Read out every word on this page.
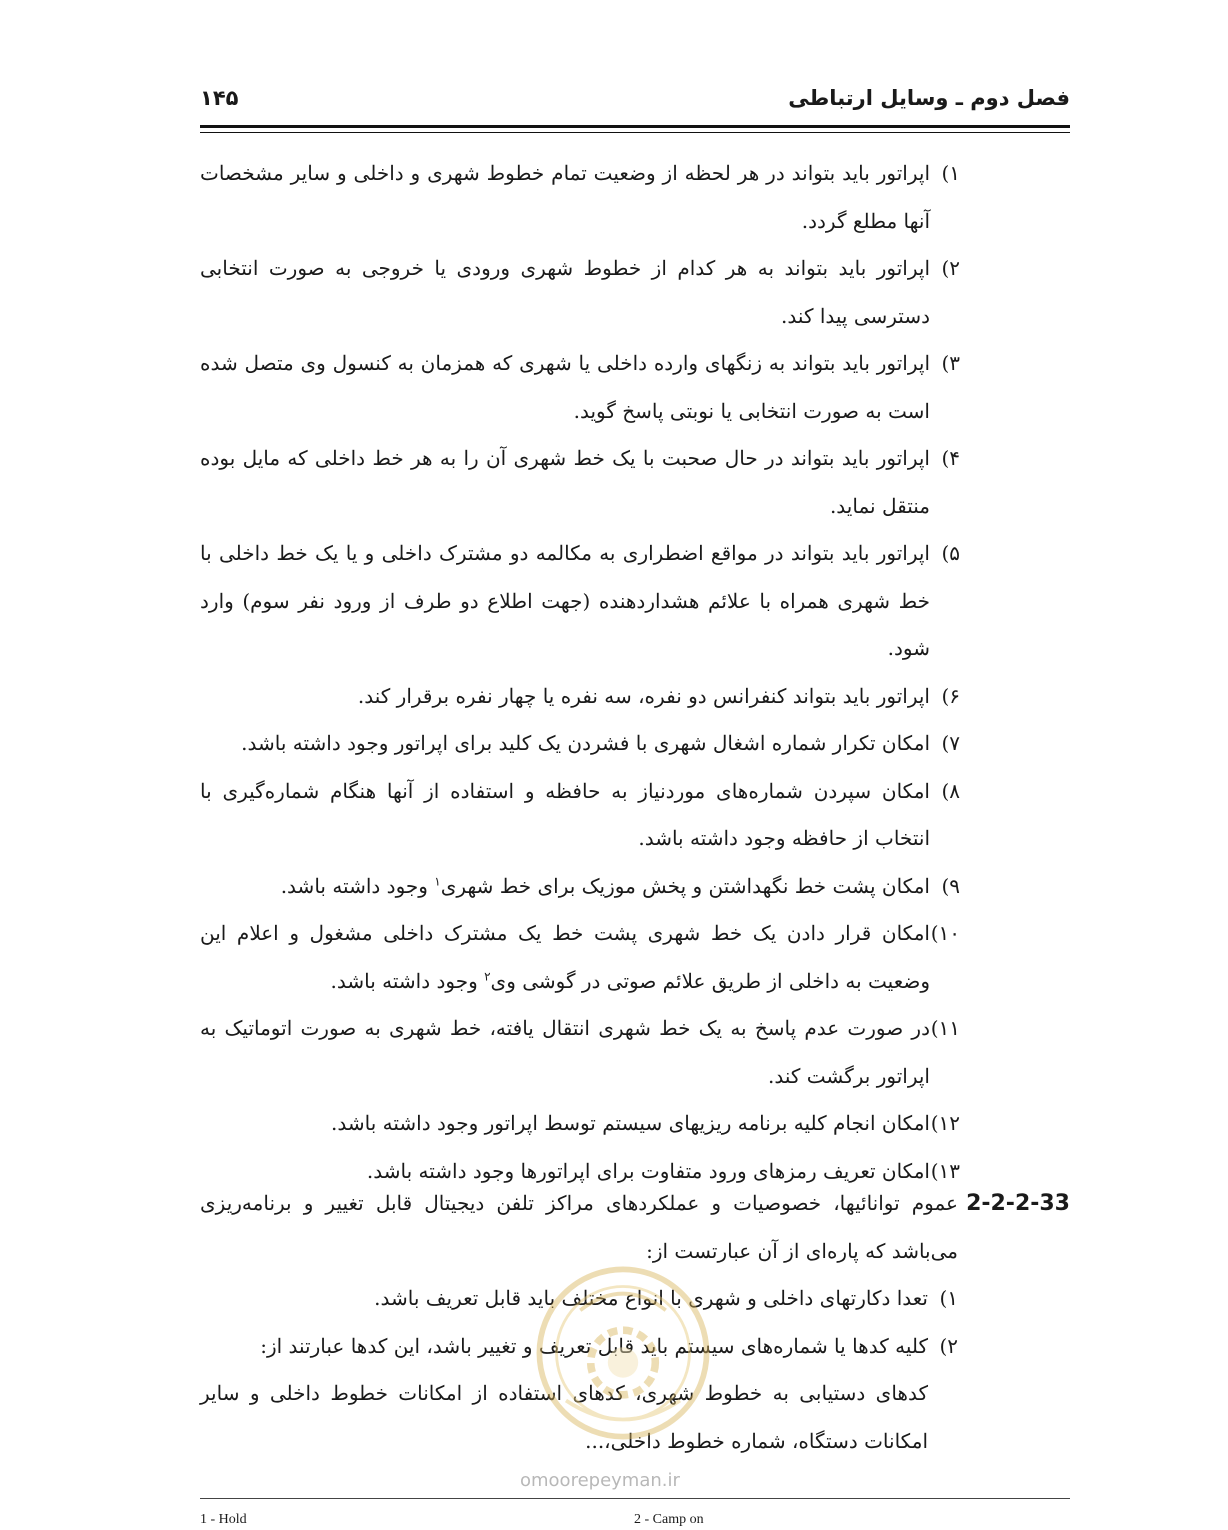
فصل دوم ـ وسایل ارتباطی
۱۴۵

۱)
اپراتور باید بتواند در هر لحظه از وضعیت تمام خطوط شهری و داخلی و سایر مشخصات آنها مطلع گردد.

۲)
اپراتور باید بتواند به هر کدام از خطوط شهری ورودی یا خروجی به صورت انتخابی دسترسی پیدا کند.

۳)
اپراتور باید بتواند به زنگهای وارده داخلی یا شهری که همزمان به کنسول وی متصل شده است به صورت انتخابی یا نوبتی پاسخ گوید.

۴)
اپراتور باید بتواند در حال صحبت با یک خط شهری آن را به هر خط داخلی که مایل بوده منتقل نماید.

۵)
اپراتور باید بتواند در مواقع اضطراری به مکالمه دو مشترک داخلی و یا یک خط داخلی با خط شهری همراه با علائم هشداردهنده (جهت اطلاع دو طرف از ورود نفر سوم) وارد شود.

۶)
اپراتور باید بتواند کنفرانس دو نفره، سه نفره یا چهار نفره برقرار کند.

۷)
امکان تکرار شماره اشغال شهری با فشردن یک کلید برای اپراتور وجود داشته باشد.

۸)
امکان سپردن شماره‌های موردنیاز به حافظه و استفاده از آنها هنگام شماره‌گیری با انتخاب از حافظه وجود داشته باشد.

۹)
امکان پشت خط نگهداشتن و پخش موزیک برای خط شهری$^۱$ وجود داشته باشد.

۱۰)
امکان قرار دادن یک خط شهری پشت خط یک مشترک داخلی مشغول و اعلام این وضعیت به داخلی از طریق علائم صوتی در گوشی وی$^۲$ وجود داشته باشد.

۱۱)
در صورت عدم پاسخ به یک خط شهری انتقال یافته، خط شهری به صورت اتوماتیک به اپراتور برگشت کند.

۱۲)
امکان انجام کلیه برنامه ریزیهای سیستم توسط اپراتور وجود داشته باشد.

۱۳)
امکان تعریف رمزهای ورود متفاوت برای اپراتورها وجود داشته باشد.

2-2-2-33
عموم توانائیها، خصوصیات و عملکردهای مراکز تلفن دیجیتال قابل تغییر و برنامه‌ریزی می‌باشد که پاره‌ای از آن عبارتست از:
۱)
تعدا دکارتهای داخلی و شهری با انواع مختلف باید قابل تعریف باشد.
۲)
کلیه کدها یا شماره‌های سیستم باید قابل تعریف و تغییر باشد، این کدها عبارتند از:
کدهای دستیابی به خطوط شهری، کدهای استفاده از امکانات خطوط داخلی و سایر امکانات دستگاه، شماره خطوط داخلی،...
omoorepeyman.ir
1 - Hold	2 - Camp on
